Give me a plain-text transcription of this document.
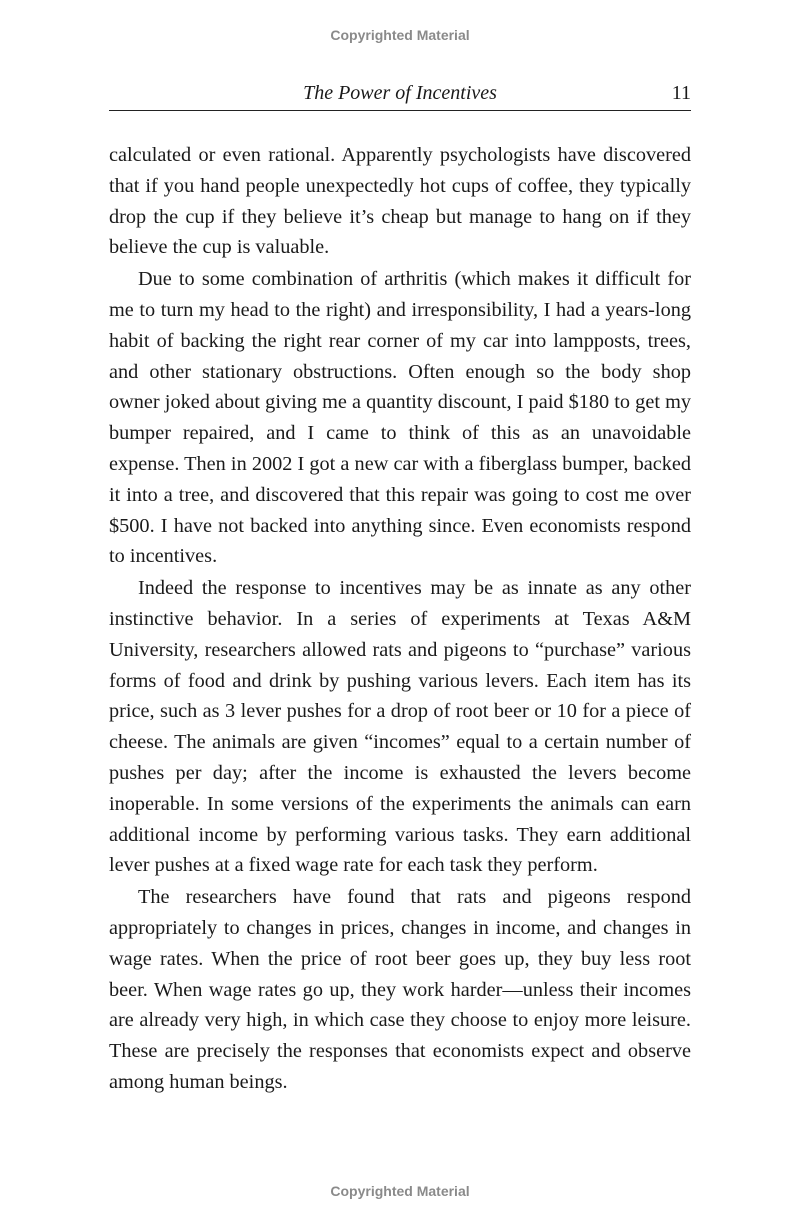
Copyrighted Material
The Power of Incentives	11

calculated or even rational. Apparently psychologists have discovered that if you hand people unexpectedly hot cups of coffee, they typically drop the cup if they believe it’s cheap but manage to hang on if they believe the cup is valuable.

Due to some combination of arthritis (which makes it difficult for me to turn my head to the right) and irresponsibility, I had a years-long habit of backing the right rear corner of my car into lampposts, trees, and other stationary obstructions. Often enough so the body shop owner joked about giving me a quantity discount, I paid $180 to get my bumper repaired, and I came to think of this as an unavoidable expense. Then in 2002 I got a new car with a fiberglass bumper, backed it into a tree, and discovered that this repair was going to cost me over $500. I have not backed into anything since. Even economists respond to incentives.

Indeed the response to incentives may be as innate as any other instinctive behavior. In a series of experiments at Texas A&M University, researchers allowed rats and pigeons to “purchase” various forms of food and drink by pushing various levers. Each item has its price, such as 3 lever pushes for a drop of root beer or 10 for a piece of cheese. The animals are given “incomes” equal to a certain number of pushes per day; after the income is exhausted the levers become inoperable. In some versions of the experiments the animals can earn additional income by performing various tasks. They earn additional lever pushes at a fixed wage rate for each task they perform.

The researchers have found that rats and pigeons respond appropriately to changes in prices, changes in income, and changes in wage rates. When the price of root beer goes up, they buy less root beer. When wage rates go up, they work harder—unless their incomes are already very high, in which case they choose to enjoy more leisure. These are precisely the responses that economists expect and observe among human beings.

Copyrighted Material
